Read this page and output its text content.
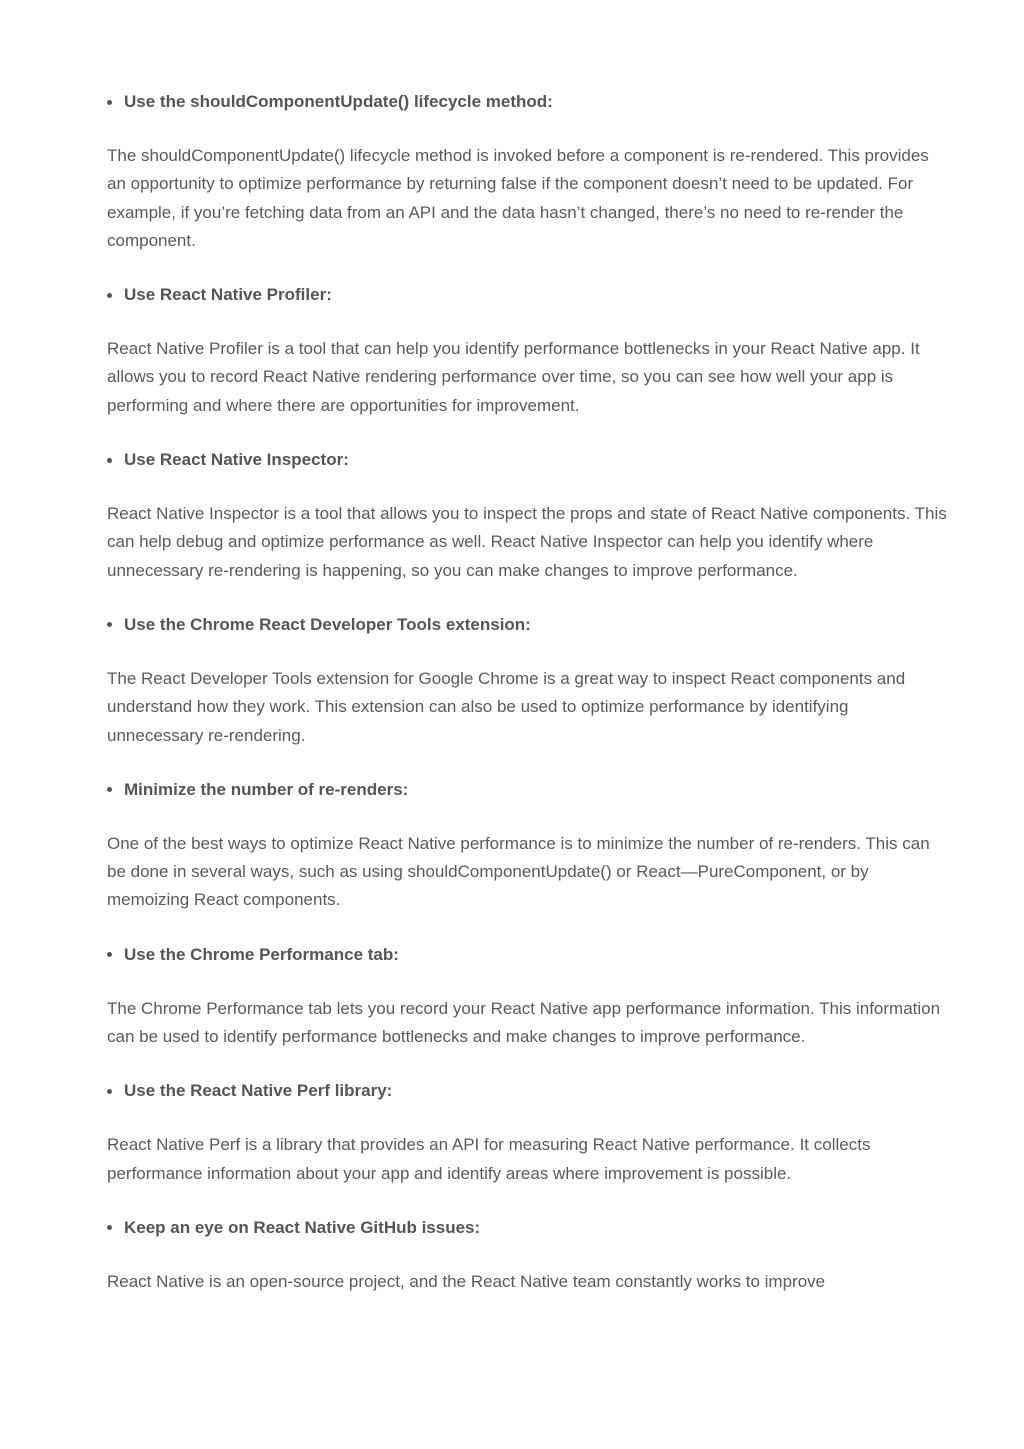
Use the shouldComponentUpdate() lifecycle method:

The shouldComponentUpdate() lifecycle method is invoked before a component is re-rendered. This provides an opportunity to optimize performance by returning false if the component doesn’t need to be updated. For example, if you’re fetching data from an API and the data hasn’t changed, there’s no need to re-render the component.

Use React Native Profiler:

React Native Profiler is a tool that can help you identify performance bottlenecks in your React Native app. It allows you to record React Native rendering performance over time, so you can see how well your app is performing and where there are opportunities for improvement.

Use React Native Inspector:

React Native Inspector is a tool that allows you to inspect the props and state of React Native components. This can help debug and optimize performance as well. React Native Inspector can help you identify where unnecessary re-rendering is happening, so you can make changes to improve performance.

Use the Chrome React Developer Tools extension:

The React Developer Tools extension for Google Chrome is a great way to inspect React components and understand how they work. This extension can also be used to optimize performance by identifying unnecessary re-rendering.

Minimize the number of re-renders:

One of the best ways to optimize React Native performance is to minimize the number of re-renders. This can be done in several ways, such as using shouldComponentUpdate() or React—PureComponent, or by memoizing React components.

Use the Chrome Performance tab:

The Chrome Performance tab lets you record your React Native app performance information. This information can be used to identify performance bottlenecks and make changes to improve performance.

Use the React Native Perf library:

React Native Perf is a library that provides an API for measuring React Native performance. It collects performance information about your app and identify areas where improvement is possible.

Keep an eye on React Native GitHub issues:

React Native is an open-source project, and the React Native team constantly works to improve
